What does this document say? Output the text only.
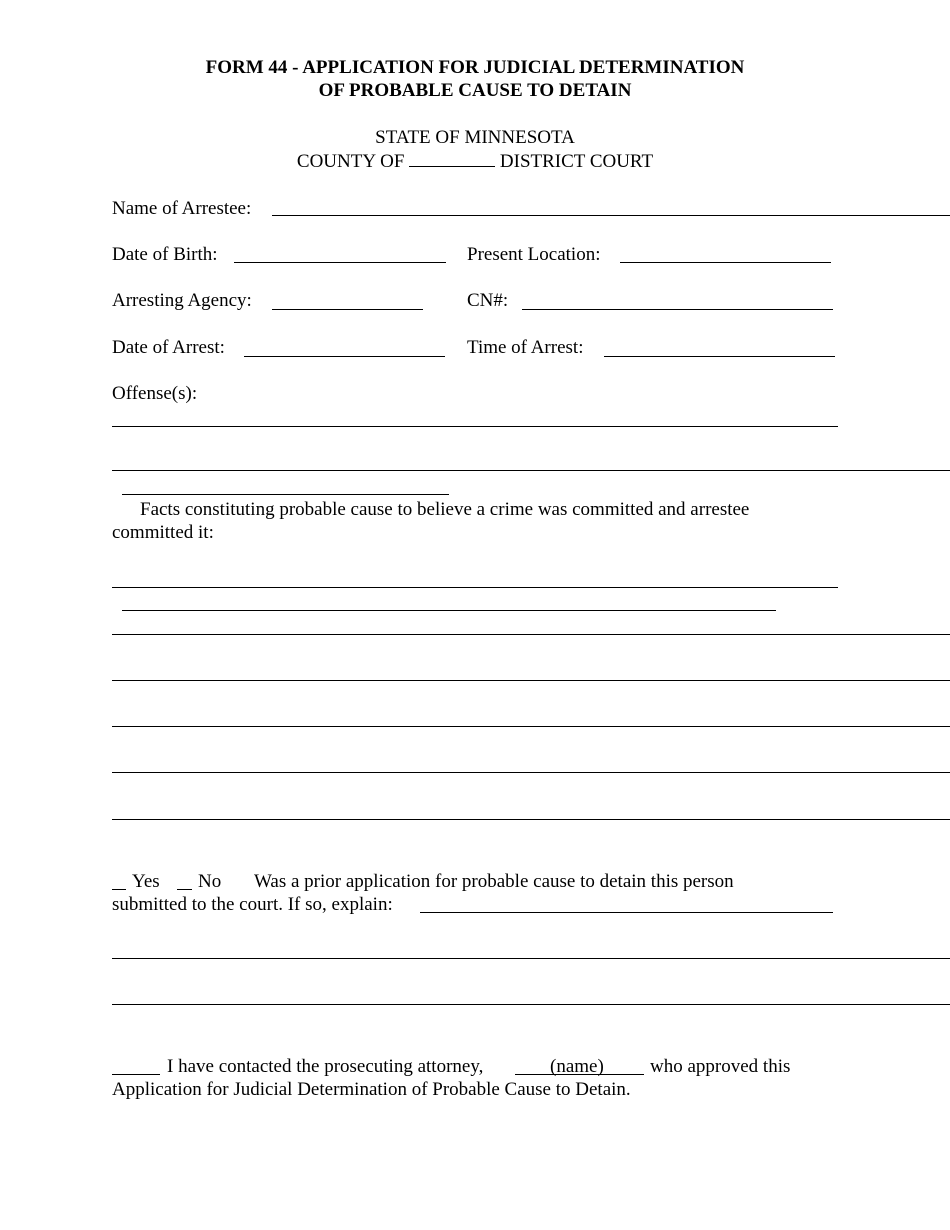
FORM 44 - APPLICATION FOR JUDICIAL DETERMINATION
OF PROBABLE CAUSE TO DETAIN
STATE OF MINNESOTA
COUNTY OF	DISTRICT COURT
Name of Arrestee:
Date of Birth:	Present Location:
Arresting Agency:	CN#:
Date of Arrest:	Time of Arrest:
Offense(s):
Facts constituting probable cause to believe a crime was committed and arrestee
committed it:
Yes No Was a prior application for probable cause to detain this person
submitted to the court. If so, explain:
I have contacted the prosecuting attorney,	(name) who approved this
Application for Judicial Determination of Probable Cause to Detain.
